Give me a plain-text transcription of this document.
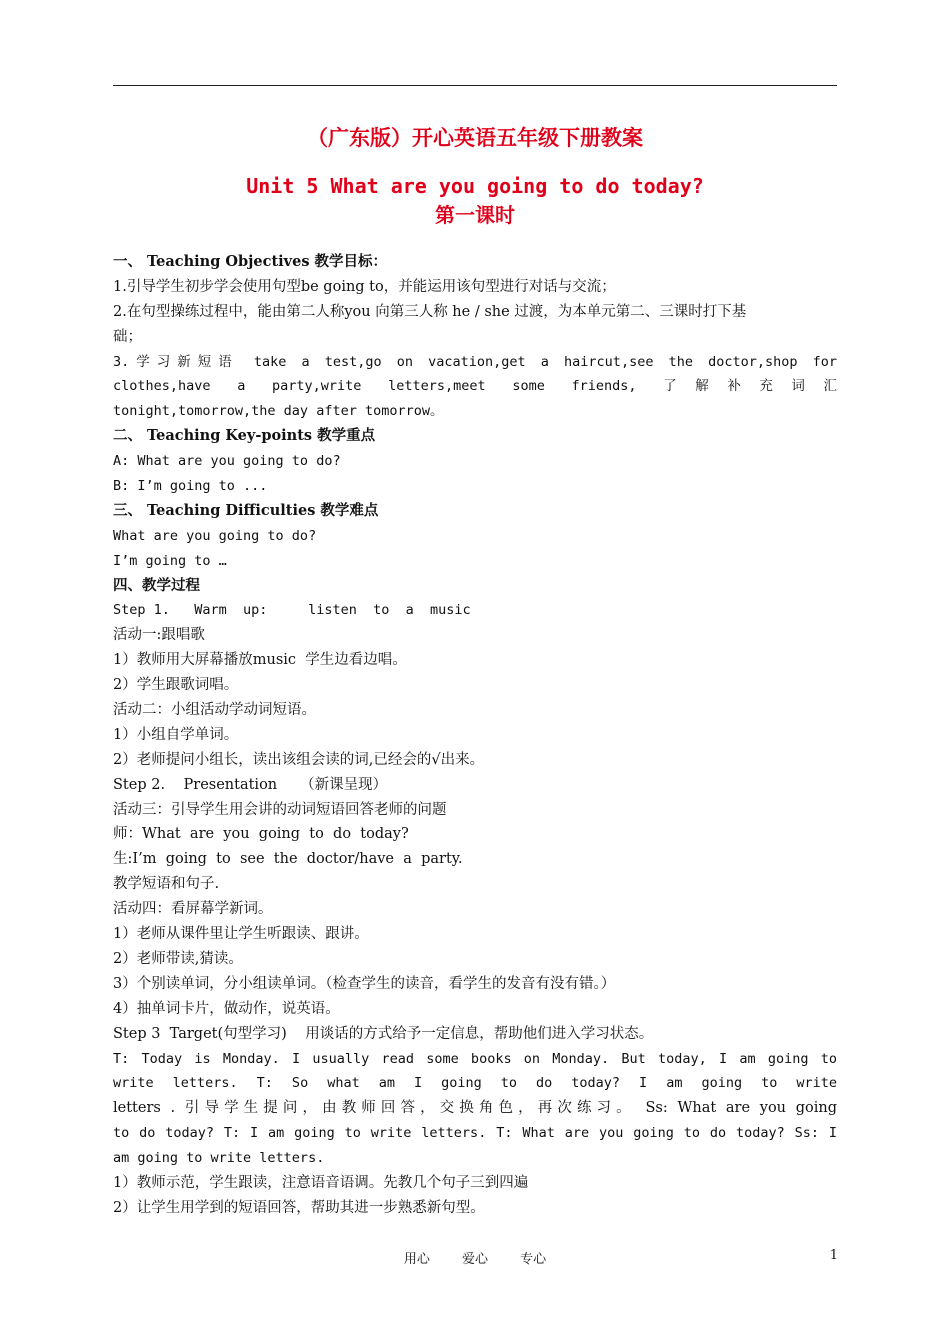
（广东版）开心英语五年级下册教案
Unit 5 What are you going to do today?
第一课时
一、 Teaching Objectives 教学目标：
1.引导学生初步学会使用句型be going to，并能运用该句型进行对话与交流；
2.在句型操练过程中，能由第二人称you 向第三人称 he / she 过渡，为本单元第二、三课时打下基
础；
3.学习新短语 take a test,go on vacation,get a haircut,see the doctor,shop for
clothes,have a party,write letters,meet some friends, 了解补充词汇
tonight,tomorrow,the day after tomorrow。
二、 Teaching Key-points 教学重点
A: What are you going to do?
B: I’m going to ...
三、 Teaching Difficulties 教学难点
What are you going to do?
I’m going to …
四、教学过程
Step 1.   Warm  up:     listen  to  a  music
活动一:跟唱歌
1）教师用大屏幕播放music  学生边看边唱。
2）学生跟歌词唱。
活动二：小组活动学动词短语。
1）小组自学单词。
2）老师提问小组长，读出该组会读的词,已经会的√出来。
Step 2.    Presentation     （新课呈现）
活动三：引导学生用会讲的动词短语回答老师的问题
师：What  are  you  going  to  do  today?
生:I’m  going  to  see  the  doctor/have  a  party.
教学短语和句子.
活动四：看屏幕学新词。
1）老师从课件里让学生听跟读、跟讲。
2）老师带读,猜读。
3）个别读单词，分小组读单词。（检查学生的读音，看学生的发音有没有错。）
4）抽单词卡片，做动作，说英语。
Step 3  Target(句型学习)    用谈话的方式给予一定信息，帮助他们进入学习状态。
T: Today is Monday. I usually read some books on Monday. But today, I am going to
write letters. T: So what am I going to do today? I am going to write
letters . 引导学生提问，由教师回答，交换角色，再次练习。 Ss: What are you going
to do today? T: I am going to write letters. T: What are you going to do today? Ss: I
am going to write letters.
1）教师示范，学生跟读，注意语音语调。先教几个句子三到四遍
2）让学生用学到的短语回答，帮助其进一步熟悉新句型。
用心 爱心 专心	1
